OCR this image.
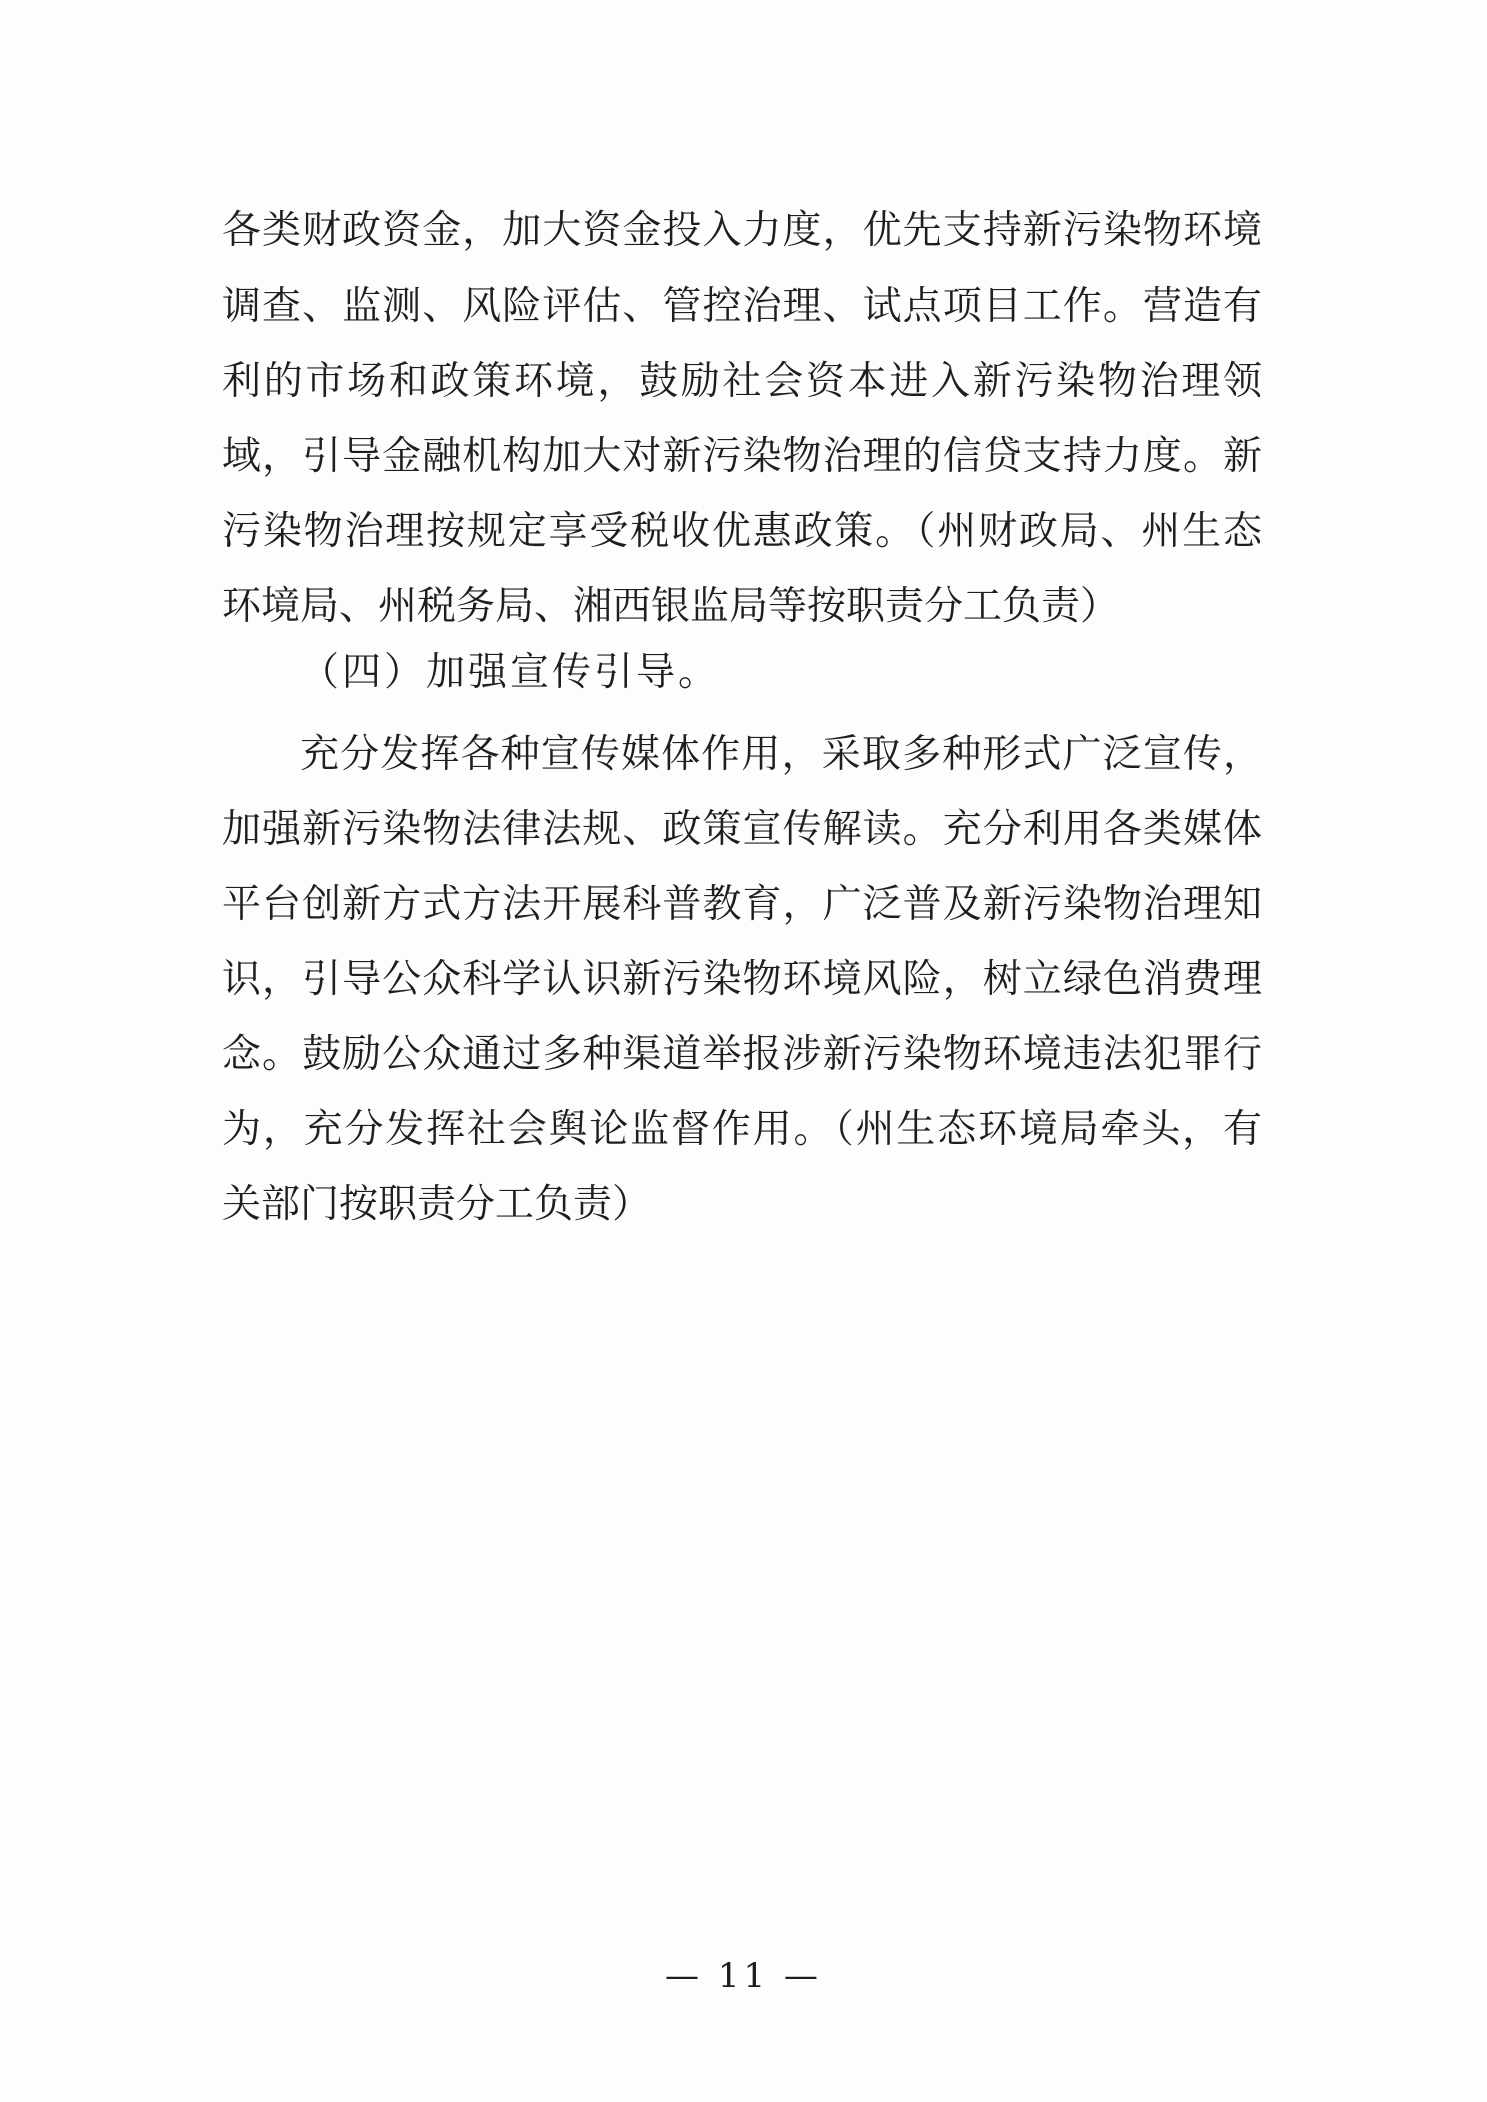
各类财政资金，加大资金投入力度，优先支持新污染物环境
调查、监测、风险评估、管控治理、试点项目工作。营造有
利的市场和政策环境，鼓励社会资本进入新污染物治理领
域，引导金融机构加大对新污染物治理的信贷支持力度。新
污染物治理按规定享受税收优惠政策。（州财政局、州生态
环境局、州税务局、湘西银监局等按职责分工负责）
（四）加强宣传引导。
充分发挥各种宣传媒体作用，采取多种形式广泛宣传，
加强新污染物法律法规、政策宣传解读。充分利用各类媒体
平台创新方式方法开展科普教育，广泛普及新污染物治理知
识，引导公众科学认识新污染物环境风险，树立绿色消费理
念。鼓励公众通过多种渠道举报涉新污染物环境违法犯罪行
为，充分发挥社会舆论监督作用。（州生态环境局牵头，有
关部门按职责分工负责）
— 11 —
